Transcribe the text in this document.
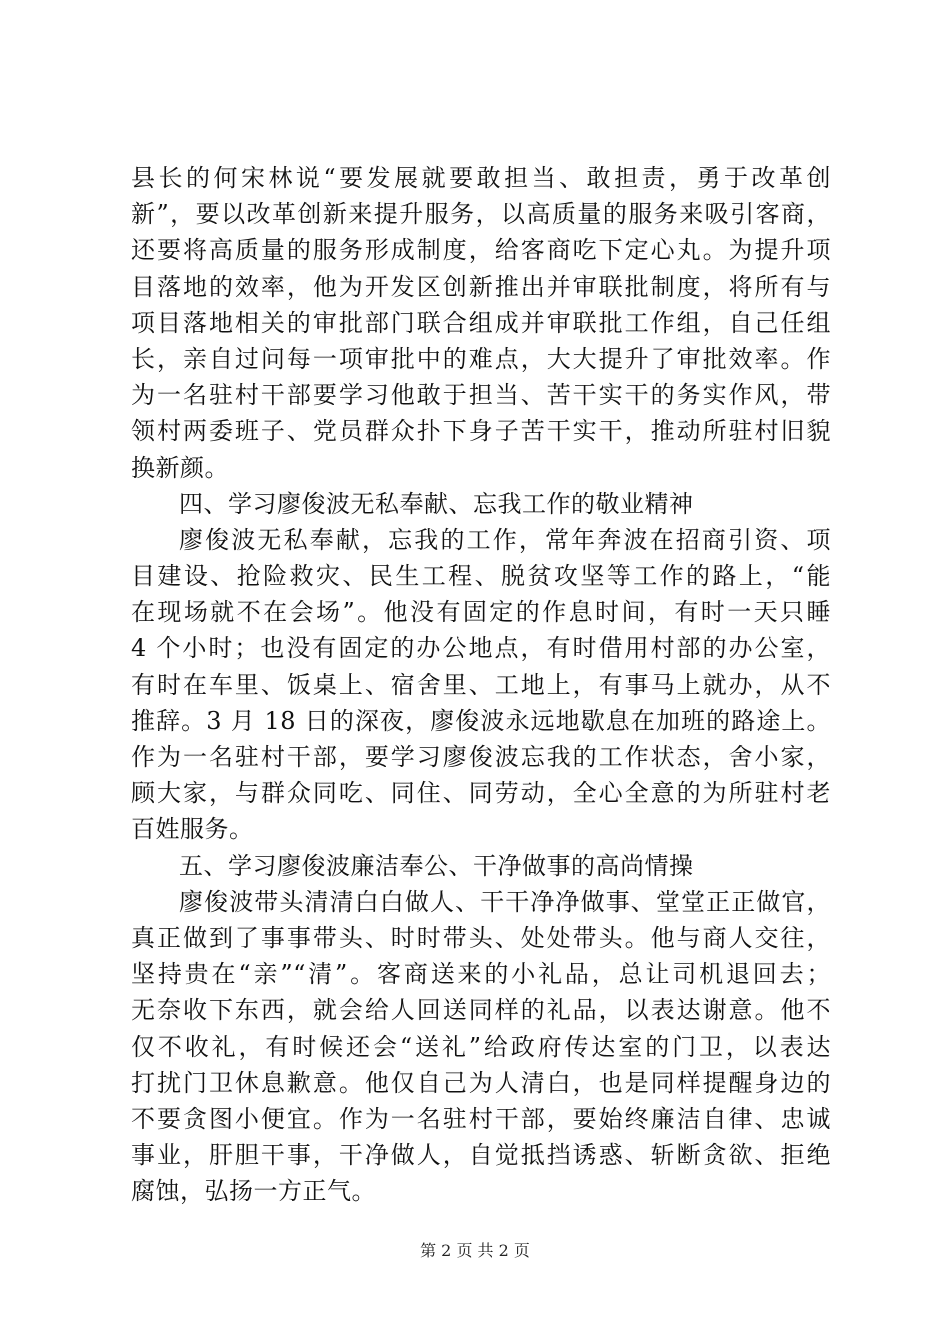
县长的何宋林说“要发展就要敢担当、敢担责，勇于改革创
新”，要以改革创新来提升服务，以高质量的服务来吸引客商，
还要将高质量的服务形成制度，给客商吃下定心丸。为提升项
目落地的效率，他为开发区创新推出并审联批制度，将所有与
项目落地相关的审批部门联合组成并审联批工作组，自己任组
长，亲自过问每一项审批中的难点，大大提升了审批效率。作
为一名驻村干部要学习他敢于担当、苦干实干的务实作风，带
领村两委班子、党员群众扑下身子苦干实干，推动所驻村旧貌
换新颜。
四、学习廖俊波无私奉献、忘我工作的敬业精神
廖俊波无私奉献，忘我的工作，常年奔波在招商引资、项
目建设、抢险救灾、民生工程、脱贫攻坚等工作的路上，“能
在现场就不在会场”。他没有固定的作息时间，有时一天只睡
4 个小时；也没有固定的办公地点，有时借用村部的办公室，
有时在车里、饭桌上、宿舍里、工地上，有事马上就办，从不
推辞。3 月 18 日的深夜，廖俊波永远地歇息在加班的路途上。
作为一名驻村干部，要学习廖俊波忘我的工作状态，舍小家，
顾大家，与群众同吃、同住、同劳动，全心全意的为所驻村老
百姓服务。
五、学习廖俊波廉洁奉公、干净做事的高尚情操
廖俊波带头清清白白做人、干干净净做事、堂堂正正做官，
真正做到了事事带头、时时带头、处处带头。他与商人交往，
坚持贵在“亲”“清”。客商送来的小礼品，总让司机退回去；
无奈收下东西，就会给人回送同样的礼品，以表达谢意。他不
仅不收礼，有时候还会“送礼”给政府传达室的门卫，以表达
打扰门卫休息歉意。他仅自己为人清白，也是同样提醒身边的
不要贪图小便宜。作为一名驻村干部，要始终廉洁自律、忠诚
事业，肝胆干事，干净做人，自觉抵挡诱惑、斩断贪欲、拒绝
腐蚀，弘扬一方正气。
第 2 页 共 2 页
